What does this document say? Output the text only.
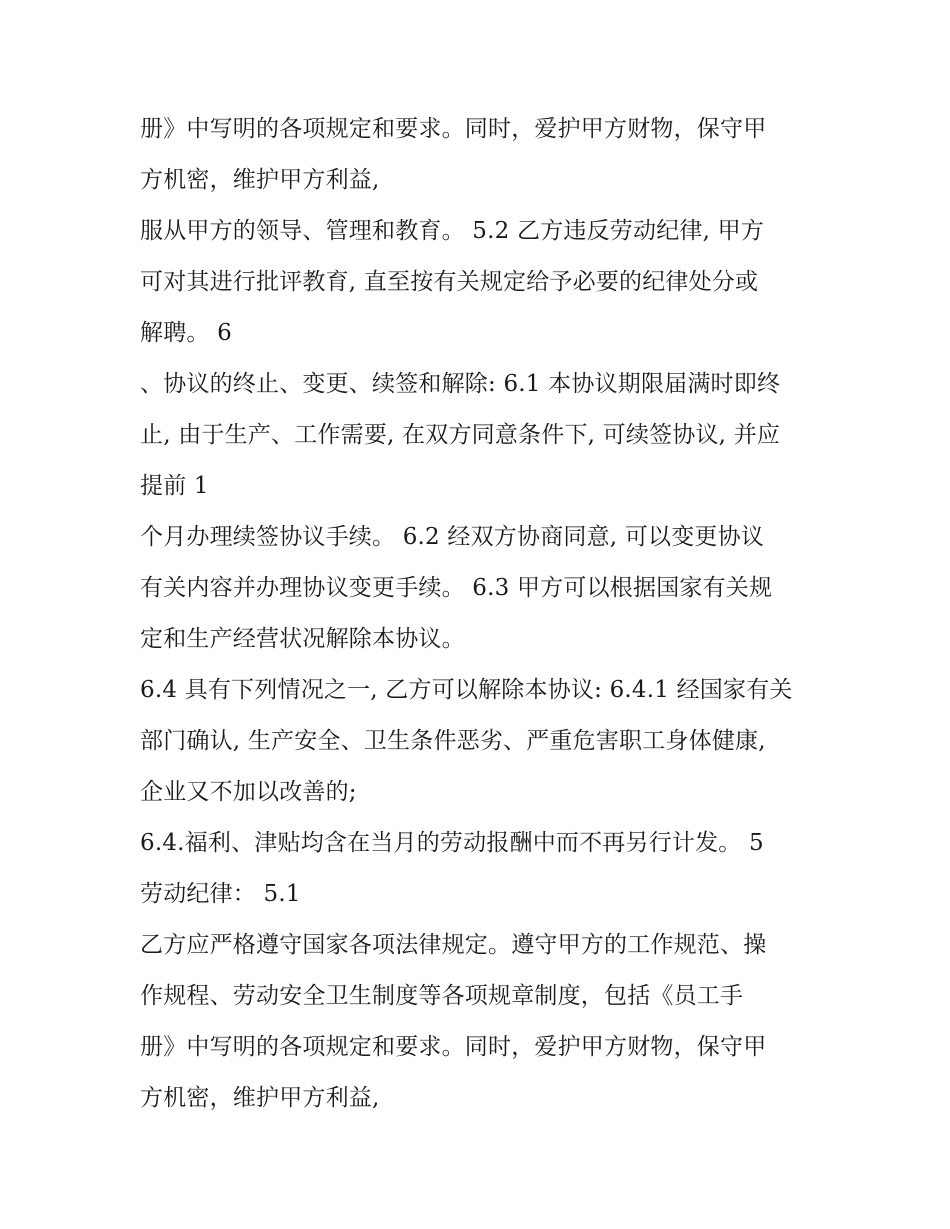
册》中写明的各项规定和要求。同时，爱护甲方财物，保守甲
方机密，维护甲方利益,
服从甲方的领导、管理和教育。 5.2 乙方违反劳动纪律, 甲方
可对其进行批评教育, 直至按有关规定给予必要的纪律处分或
解聘。 6
、协议的终止、变更、续签和解除: 6.1 本协议期限届满时即终
止, 由于生产、工作需要, 在双方同意条件下, 可续签协议, 并应
提前 1
个月办理续签协议手续。 6.2 经双方协商同意, 可以变更协议
有关内容并办理协议变更手续。 6.3 甲方可以根据国家有关规
定和生产经营状况解除本协议。
6.4 具有下列情况之一, 乙方可以解除本协议: 6.4.1 经国家有关
部门确认, 生产安全、卫生条件恶劣、严重危害职工身体健康,
企业又不加以改善的;
6.4.福利、津贴均含在当月的劳动报酬中而不再另行计发。 5
劳动纪律： 5.1
乙方应严格遵守国家各项法律规定。遵守甲方的工作规范、操
作规程、劳动安全卫生制度等各项规章制度，包括《员工手
册》中写明的各项规定和要求。同时，爱护甲方财物，保守甲
方机密，维护甲方利益,
